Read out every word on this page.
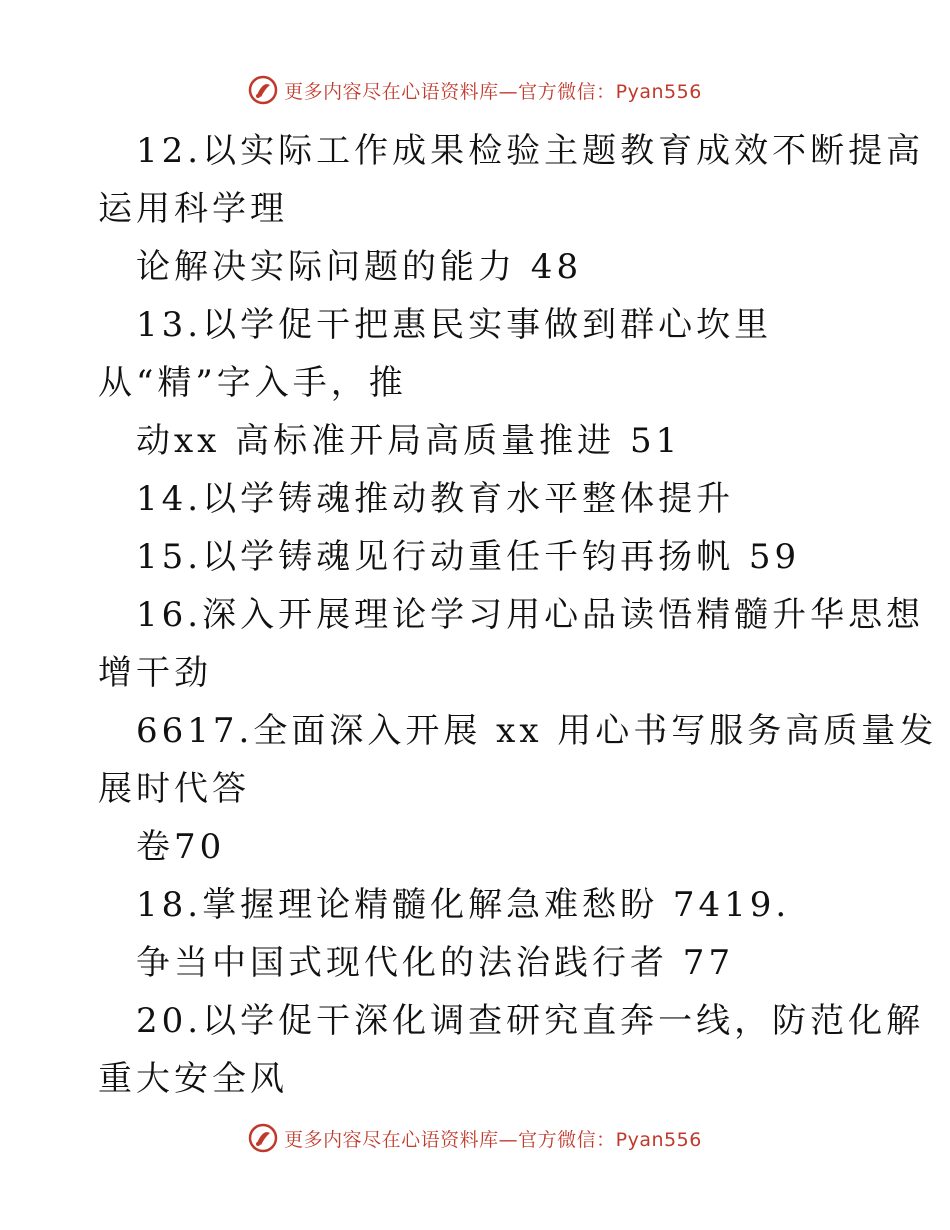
更多内容尽在心语资料库—官方微信：Pyan556
12.以实际工作成果检验主题教育成效不断提高
运用科学理
论解决实际问题的能力 48
13.以学促干把惠民实事做到群心坎里
从“精”字入手，推
动xx 高标准开局高质量推进 51
14.以学铸魂推动教育水平整体提升
15.以学铸魂见行动重任千钧再扬帆 59
16.深入开展理论学习用心品读悟精髓升华思想
增干劲
6617.全面深入开展 xx 用心书写服务高质量发
展时代答
卷70
18.掌握理论精髓化解急难愁盼 7419.
争当中国式现代化的法治践行者 77
20.以学促干深化调查研究直奔一线，防范化解
重大安全风
更多内容尽在心语资料库—官方微信：Pyan556
